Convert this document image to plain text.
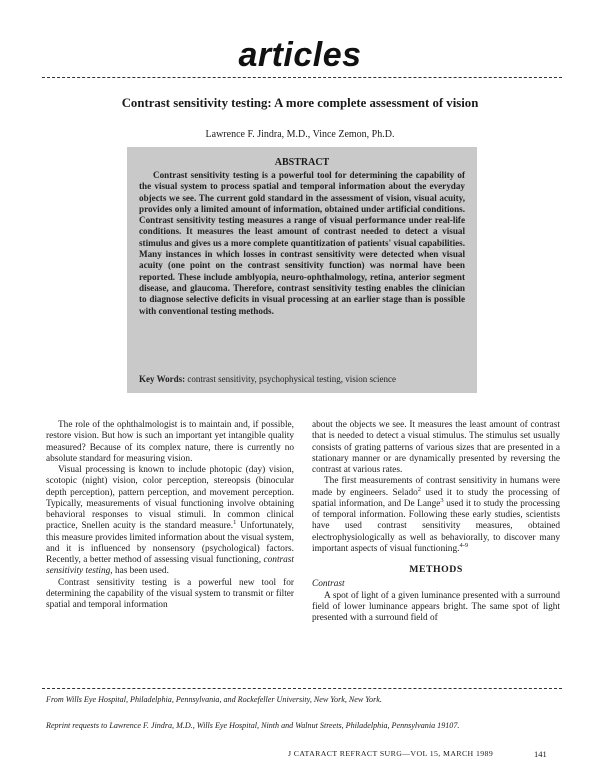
articles
Contrast sensitivity testing: A more complete assessment of vision
Lawrence F. Jindra, M.D., Vince Zemon, Ph.D.
ABSTRACT

Contrast sensitivity testing is a powerful tool for determining the capability of the visual system to process spatial and temporal information about the everyday objects we see. The current gold standard in the assessment of vision, visual acuity, provides only a limited amount of information, obtained under artificial conditions. Contrast sensitivity testing measures a range of visual performance under real-life conditions. It measures the least amount of contrast needed to detect a visual stimulus and gives us a more complete quantitization of patients' visual capabilities. Many instances in which losses in contrast sensitivity were detected when visual acuity (one point on the contrast sensitivity function) was normal have been reported. These include amblyopia, neuro-ophthalmology, retina, anterior segment disease, and glaucoma. Therefore, contrast sensitivity testing enables the clinician to diagnose selective deficits in visual processing at an earlier stage than is possible with conventional testing methods.

Key Words: contrast sensitivity, psychophysical testing, vision science

The role of the ophthalmologist is to maintain and, if possible, restore vision. But how is such an important yet intangible quality measured? Because of its complex nature, there is currently no absolute standard for measuring vision.

Visual processing is known to include photopic (day) vision, scotopic (night) vision, color perception, stereopsis (binocular depth perception), pattern perception, and movement perception. Typically, measurements of visual functioning involve obtaining behavioral responses to visual stimuli. In common clinical practice, Snellen acuity is the standard measure.$^1$ Unfortunately, this measure provides limited information about the visual system, and it is influenced by nonsensory (psychological) factors. Recently, a better method of assessing visual functioning, contrast sensitivity testing, has been used.

Contrast sensitivity testing is a powerful new tool for determining the capability of the visual system to transmit or filter spatial and temporal information

about the objects we see. It measures the least amount of contrast that is needed to detect a visual stimulus. The stimulus set usually consists of grating patterns of various sizes that are presented in a stationary manner or are dynamically presented by reversing the contrast at various rates.

The first measurements of contrast sensitivity in humans were made by engineers. Selado$^2$ used it to study the processing of spatial information, and De Lange$^3$ used it to study the processing of temporal information. Following these early studies, scientists have used contrast sensitivity measures, obtained electrophysiologically as well as behaviorally, to discover many important aspects of visual functioning.$^{4-9}$

METHODS

Contrast

A spot of light of a given luminance presented with a surround field of lower luminance appears bright. The same spot of light presented with a surround field of

From Wills Eye Hospital, Philadelphia, Pennsylvania, and Rockefeller University, New York, New York.
Reprint requests to Lawrence F. Jindra, M.D., Wills Eye Hospital, Ninth and Walnut Streets, Philadelphia, Pennsylvania 19107.
J CATARACT REFRACT SURG—VOL 15, MARCH 1989	141
